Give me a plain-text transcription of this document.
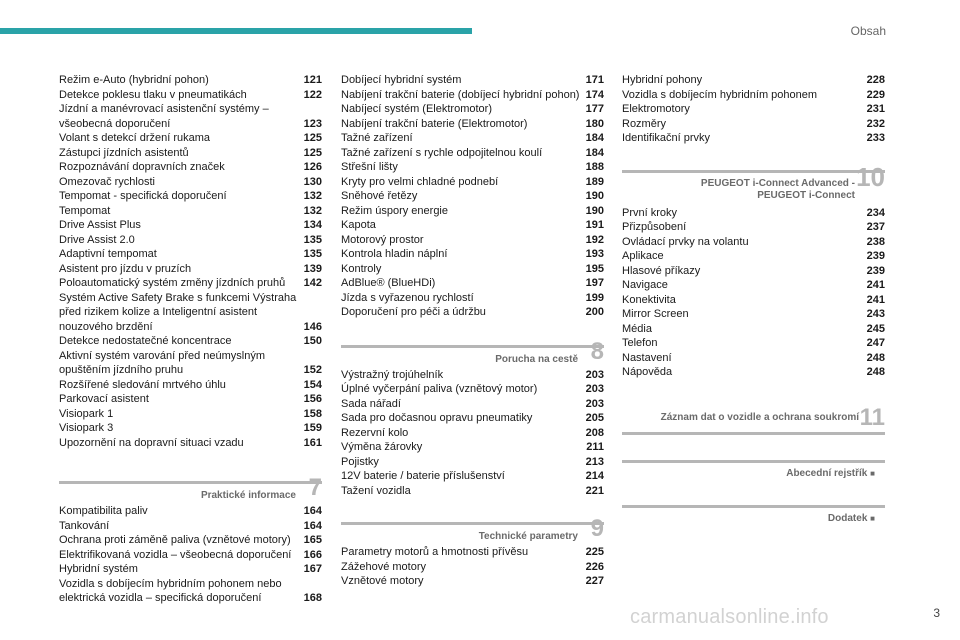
Obsah
Režim e-Auto (hybridní pohon)	121
Detekce poklesu tlaku v pneumatikách	122
Jízdní a manévrovací asistenční systémy – všeobecná doporučení	123
Volant s detekcí držení rukama	125
Zástupci jízdních asistentů	125
Rozpoznávání dopravních značek	126
Omezovač rychlosti	130
Tempomat - specifická doporučení	132
Tempomat	132
Drive Assist Plus	134
Drive Assist 2.0	135
Adaptivní tempomat	135
Asistent pro jízdu v pruzích	139
Poloautomatický systém změny jízdních pruhů	142
Systém Active Safety Brake s funkcemi Výstraha před rizikem kolize a Inteligentní asistent nouzového brzdění	146
Detekce nedostatečné koncentrace	150
Aktivní systém varování před neúmyslným opuštěním jízdního pruhu	152
Rozšířené sledování mrtvého úhlu	154
Parkovací asistent	156
Visiopark 1	158
Visiopark 3	159
Upozornění na dopravní situaci vzadu	161
Praktické informace 7
Kompatibilita paliv	164
Tankování	164
Ochrana proti záměně paliva (vznětové motory)	165
Elektrifikovaná vozidla – všeobecná doporučení	166
Hybridní systém	167
Vozidla s dobíjecím hybridním pohonem nebo elektrická vozidla – specifická doporučení	168
Dobíjecí hybridní systém	171
Nabíjení trakční baterie (dobíjecí hybridní pohon) 174
Nabíjecí systém (Elektromotor)	177
Nabíjení trakční baterie (Elektromotor)	180
Tažné zařízení	184
Tažné zařízení s rychle odpojitelnou koulí	184
Střešní lišty	188
Kryty pro velmi chladné podnebí	189
Sněhové řetězy	190
Režim úspory energie	190
Kapota	191
Motorový prostor	192
Kontrola hladin náplní	193
Kontroly	195
AdBlue® (BlueHDi)	197
Jízda s vyřazenou rychlostí	199
Doporučení pro péči a údržbu	200
Porucha na cestě 8
Výstražný trojúhelník	203
Úplné vyčerpání paliva (vznětový motor)	203
Sada nářadí	203
Sada pro dočasnou opravu pneumatiky	205
Rezervní kolo	208
Výměna žárovky	211
Pojistky	213
12V baterie / baterie příslušenství	214
Tažení vozidla	221
Technické parametry 9
Parametry motorů a hmotnosti přívěsu	225
Zážehové motory	226
Vznětové motory	227
Hybridní pohony	228
Vozidla s dobíjecím hybridním pohonem	229
Elektromotory	231
Rozměry	232
Identifikační prvky	233
PEUGEOT i-Connect Advanced -
PEUGEOT i-Connect
10
První kroky	234
Přizpůsobení	237
Ovládací prvky na volantu	238
Aplikace	239
Hlasové příkazy	239
Navigace	241
Konektivita	241
Mirror Screen	243
Média	245
Telefon	247
Nastavení	248
Nápověda	248
Záznam dat o vozidle a ochrana soukromí 11
Abecední rejstřík ■
Dodatek ■
carmanualsonline.info	3
